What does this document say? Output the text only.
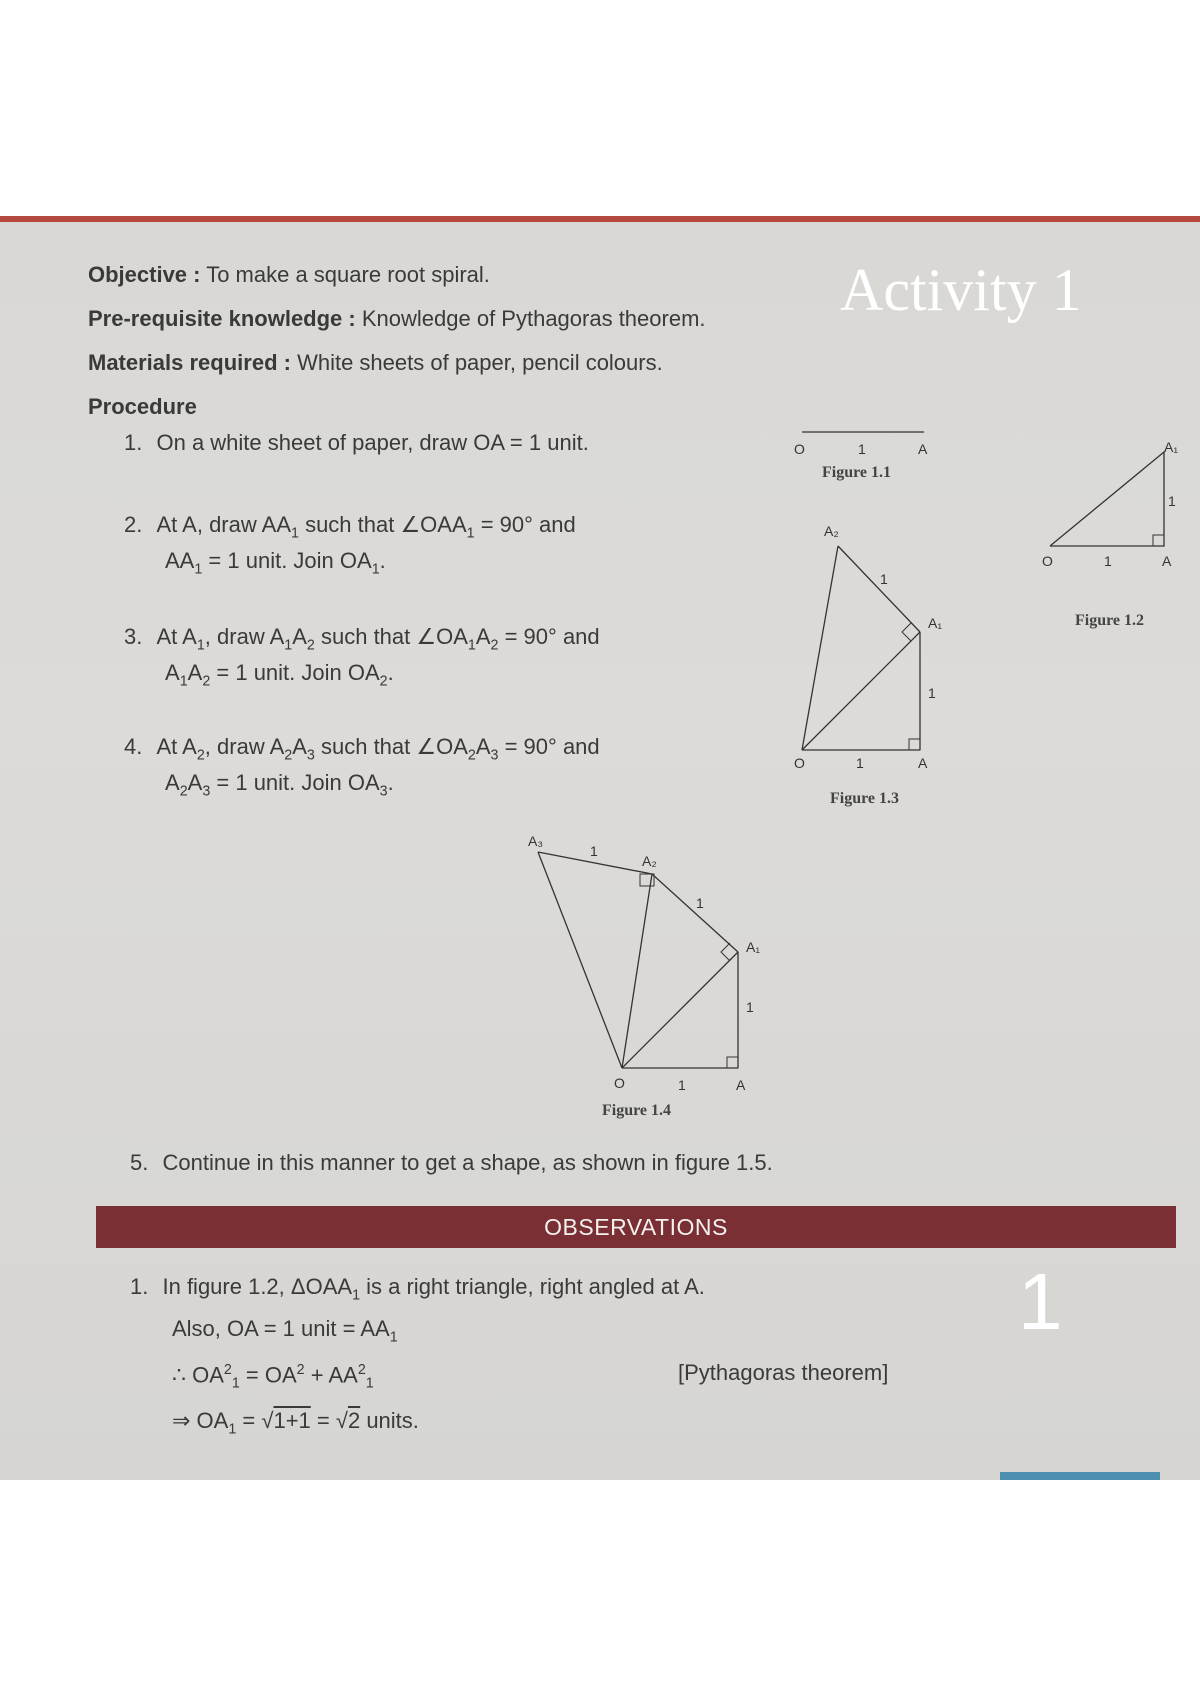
Objective : To make a square root spiral.
Pre-requisite knowledge : Knowledge of Pythagoras theorem.
Materials required : White sheets of paper, pencil colours.
Activity 1
Procedure
1. On a white sheet of paper, draw OA = 1 unit.
2. At A, draw $AA_1$ such that $\angle OAA_1 = 90^\circ$ and
$AA_1 = 1$ unit. Join $OA_1$.
3. At $A_1$, draw $A_1A_2$ such that $\angle OA_1A_2 = 90^\circ$ and
$A_1A_2 = 1$ unit. Join $OA_2$.
4. At $A_2$, draw $A_2A_3$ such that $\angle OA_2A_3 = 90^\circ$ and
$A_2A_3 = 1$ unit. Join $OA_3$.
O	1	A
Figure 1.1
O	1	A
1
A₁
Figure 1.2
O	1	A
1
A₁
1
A₂
Figure 1.3
O	1	A
1
A₁
1
A₂
1
A₃
Figure 1.4
5. Continue in this manner to get a shape, as shown in figure 1.5.
OBSERVATIONS
1. In figure 1.2, $\Delta OAA_1$ is a right triangle, right angled at A.
Also, OA = 1 unit = $AA_1$
∴ $OA^2_1 = OA^2 + AA^2_1$	[Pythagoras theorem]
⇒ $OA_1 = √1+1 = √2$ units.
1
